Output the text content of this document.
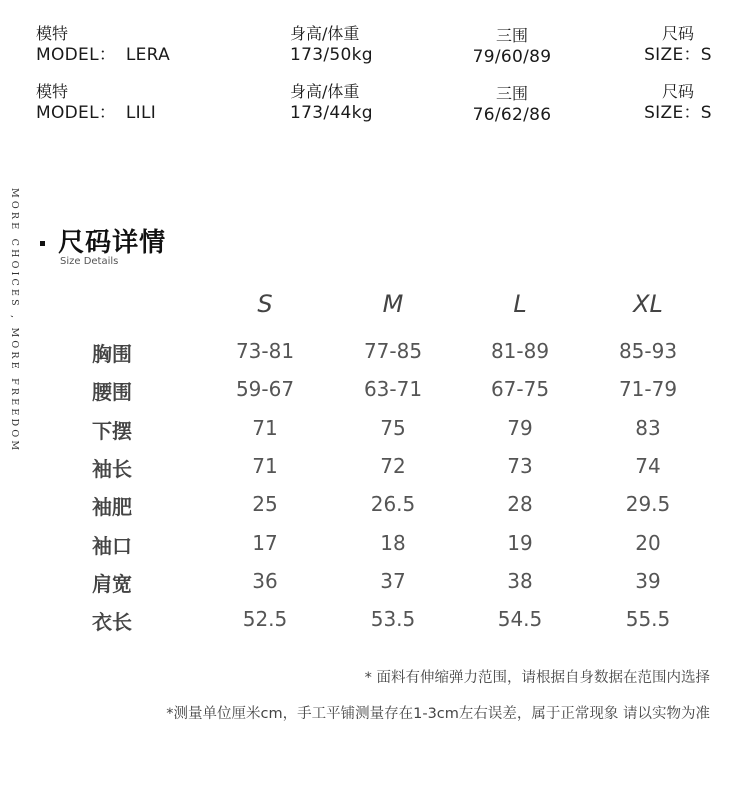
模特
MODEL： LERA
身高/体重
173/50kg
三围
79/60/89
尺码
SIZE：S
模特
MODEL： LILI
身高/体重
173/44kg
三围
76/62/86
尺码
SIZE：S
MORE CHOICES , MORE FREEDOM	尺码详情
Size Details
S	M	L	XL
胸围	73-81	77-85	81-89	85-93
腰围	59-67	63-71	67-75	71-79
下摆	71	75	79	83
袖长	71	72	73	74
袖肥	25	26.5	28	29.5
袖口	17	18	19	20
肩宽	36	37	38	39
衣长	52.5	53.5	54.5	55.5
* 面料有伸缩弹力范围，请根据自身数据在范围内选择
*测量单位厘米cm，手工平铺测量存在1-3cm左右误差，属于正常现象 请以实物为准
